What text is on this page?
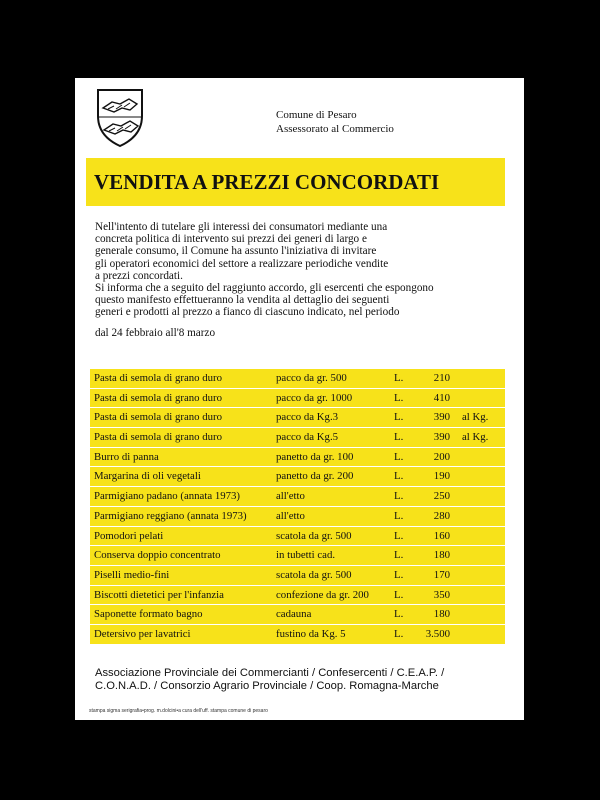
Comune di Pesaro
Assessorato al Commercio
VENDITA A PREZZI CONCORDATI
Nell'intento di tutelare gli interessi dei consumatori mediante una
concreta politica di intervento sui prezzi dei generi di largo e
generale consumo, il Comune ha assunto l'iniziativa di invitare
gli operatori economici del settore a realizzare periodiche vendite
a prezzi concordati.
Si informa che a seguito del raggiunto accordo, gli esercenti che espongono
questo manifesto effettueranno la vendita al dettaglio dei seguenti
generi e prodotti al prezzo a fianco di ciascuno indicato, nel periodo
dal 24 febbraio all'8 marzo
Pasta di semola di grano duro	pacco da gr. 500	L.	210
Pasta di semola di grano duro	pacco da gr. 1000	L.	410
Pasta di semola di grano duro	pacco da Kg.3	L.	390 al Kg.
Pasta di semola di grano duro	pacco da Kg.5	L.	390 al Kg.
Burro di panna	panetto da gr. 100	L.	200
Margarina di oli vegetali	panetto da gr. 200	L.	190
Parmigiano padano (annata 1973)	all'etto	L.	250
Parmigiano reggiano (annata 1973)	all'etto	L.	280
Pomodori pelati	scatola da gr. 500	L.	160
Conserva doppio concentrato	in tubetti cad.	L.	180
Piselli medio-fini	scatola da gr. 500	L.	170
Biscotti dietetici per l'infanzia	confezione da gr. 200 L.	350
Saponette formato bagno	cadauna	L.	180
Detersivo per lavatrici	fustino da Kg. 5	L.	3.500
Associazione Provinciale dei Commercianti / Confesercenti / C.E.A.P. /
C.O.N.A.D. / Consorzio Agrario Provinciale / Coop. Romagna-Marche
stampa sigma serigrafia•prog. m.dolcini•a cura dell'uff. stampa comune di pesaro
